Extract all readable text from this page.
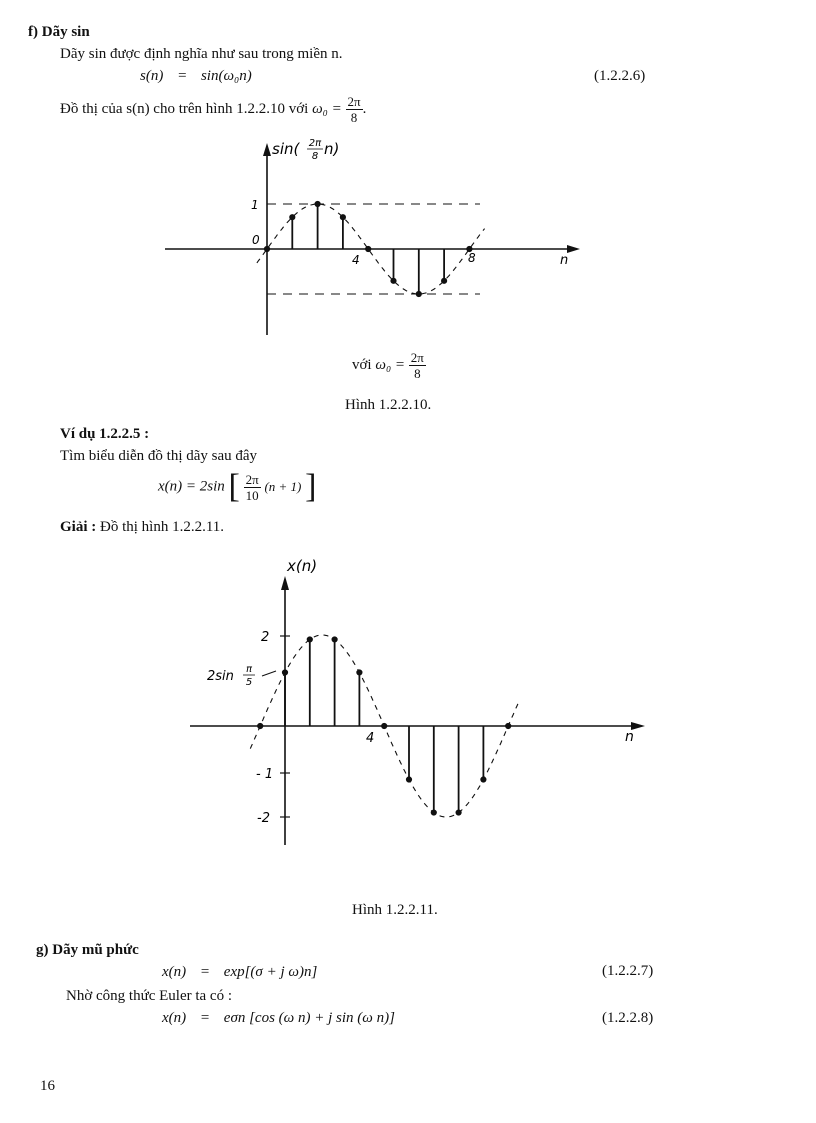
f) Dãy sin
Dãy sin được định nghĩa như sau trong miền n.
s(n) = sin(ω₀n)	(1.2.2.6)
Đồ thị của s(n) cho trên hình 1.2.2.10 với $\omega_0 = \frac{2\pi}{8}$ .
sin( 2π
8 n)
1
0
4	8	n
x(n)
2
2sin π
5
4
- 1
-2
n
với $\omega_0 = \frac{2\pi}{8}$
Hình 1.2.2.10.
Ví dụ 1.2.2.5 :
Tìm biểu diễn đồ thị dãy sau đây
x(n) = 2sin [ $\frac{2\pi}{10} (n + 1)$ ]
Giải : Đồ thị hình 1.2.2.11.
Hình 1.2.2.11.
g) Dãy mũ phức
x(n) = exp[(σ + j ω)n]	(1.2.2.7)
Nhờ công thức Euler ta có :
x(n) = eσn [cos (ω n) + j sin (ω n)]	(1.2.2.8)
16
